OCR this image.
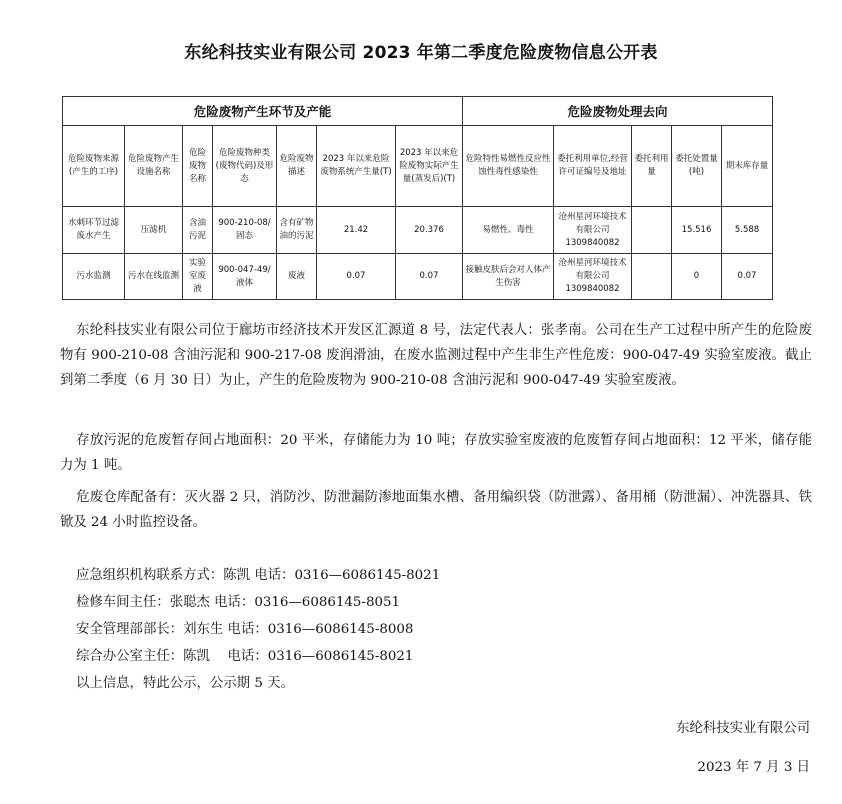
东纶科技实业有限公司 2023 年第二季度危险废物信息公开表
危险废物产生环节及产能							危险废物处理去向				
危险废物来源(产生的工序)	危险废物产生设施名称	危险废物名称	危险废物种类(废物代码)及形态	危险废物描述	2023 年以来危险废物系统产生量(T)	2023 年以来危险废物实际产生量(蒸发后)(T)	危险特性易燃性反应性蚀性毒性感染性	委托利用单位,经营许可证编号及地址	委托利用量	委托处置量 (吨)	期末库存量
水刺环节过滤废水产生	压滤机	含油污泥	900-210-08/固态	含有矿物油的污泥	21.42	20.376	易燃性、毒性	沧州星河环境技术有限公司1309840082		15.516	5.588
污水监测	污水在线监测	实验室废液	900-047-49/液体	废液	0.07	0.07	接触皮肤后会对人体产生伤害	沧州星河环境技术有限公司1309840082		0	0.07
东纶科技实业有限公司位于廊坊市经济技术开发区汇源道 8 号，法定代表人：张孝南。公司在生产工过程中所产生的危险废物有 900-210-08 含油污泥和 900-217-08 废润滑油，在废水监测过程中产生非生产性危废：900-047-49 实验室废液。截止到第二季度（6 月 30 日）为止，产生的危险废物为 900-210-08 含油污泥和 900-047-49 实验室废液。
存放污泥的危废暂存间占地面积：20 平米，存储能力为 10 吨；存放实验室废液的危废暂存间占地面积：12 平米，储存能力为 1 吨。
危废仓库配备有：灭火器 2 只，消防沙、防泄漏防渗地面集水槽、备用编织袋（防泄露）、备用桶（防泄漏）、冲洗器具、铁锨及 24 小时监控设备。
应急组织机构联系方式：陈凯 电话：0316—6086145-8021
检修车间主任：张聪杰 电话：0316—6086145-8051
安全管理部部长：刘东生 电话：0316—6086145-8008
综合办公室主任：陈凯　 电话：0316—6086145-8021
以上信息，特此公示，公示期 5 天。
东纶科技实业有限公司
2023 年 7 月 3 日
